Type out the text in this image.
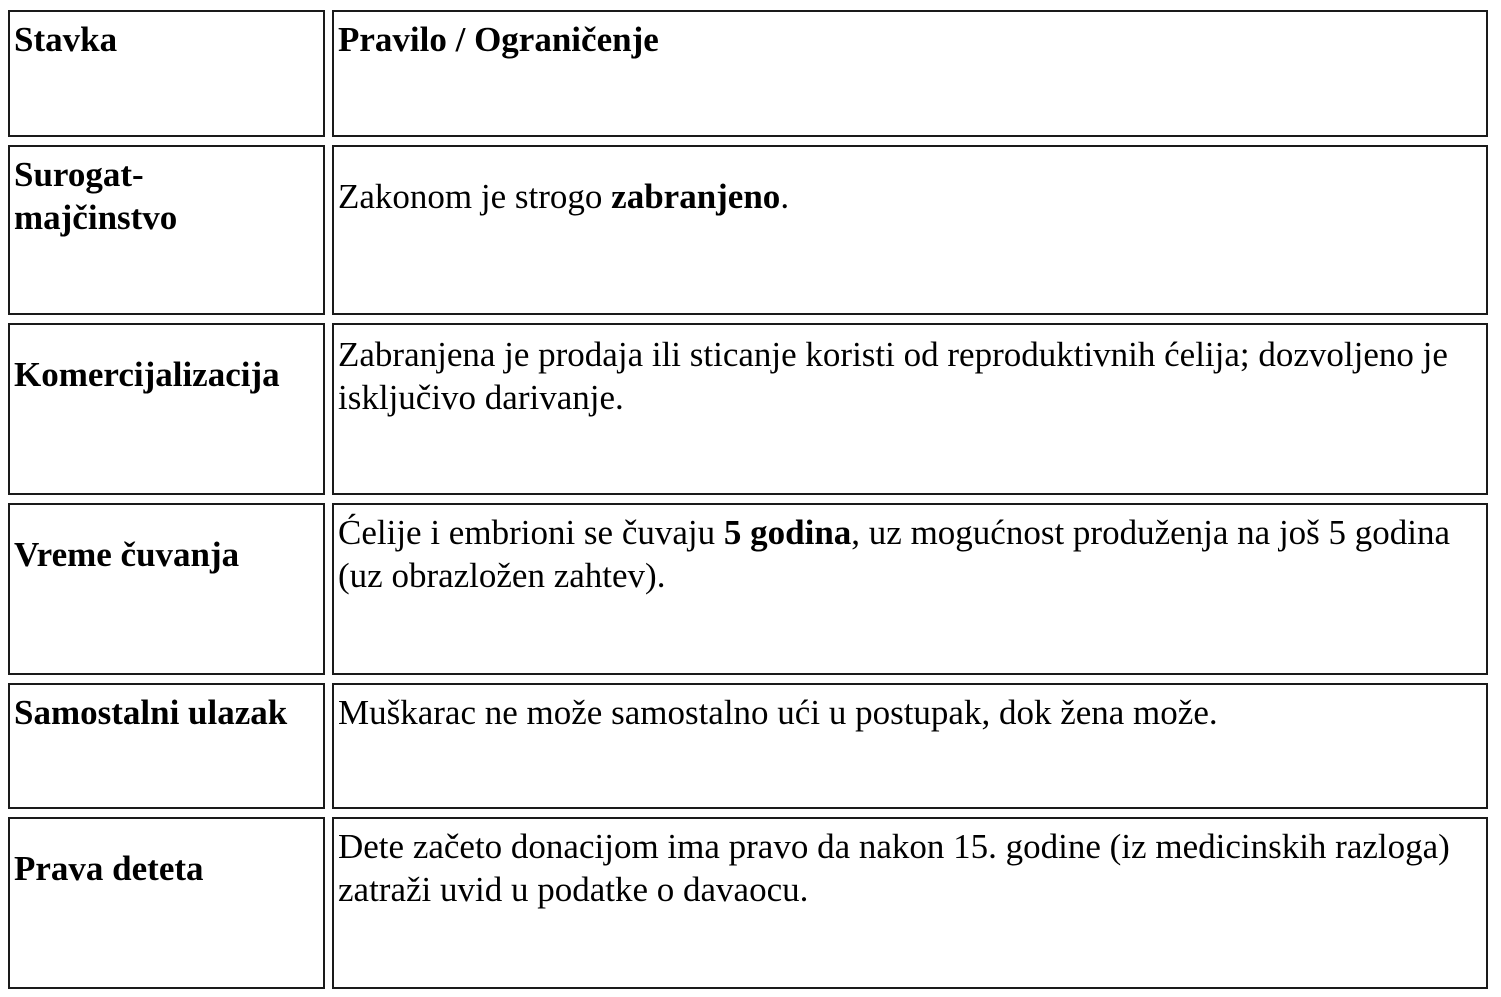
Stavka	Pravilo / Ograničenje

Surogat-majčinstvo	Zakonom je strogo zabranjeno.
Komercijalizacija	Zabranjena je prodaja ili sticanje koristi od reproduktivnih ćelija; dozvoljeno je isključivo darivanje.
Vreme čuvanja	Ćelije i embrioni se čuvaju 5 godina, uz mogućnost produženja na još 5 godina (uz obrazložen zahtev).
Samostalni ulazak	Muškarac ne može samostalno ući u postupak, dok žena može.
Prava deteta	Dete začeto donacijom ima pravo da nakon 15. godine (iz medicinskih razloga) zatraži uvid u podatke o davaocu.
